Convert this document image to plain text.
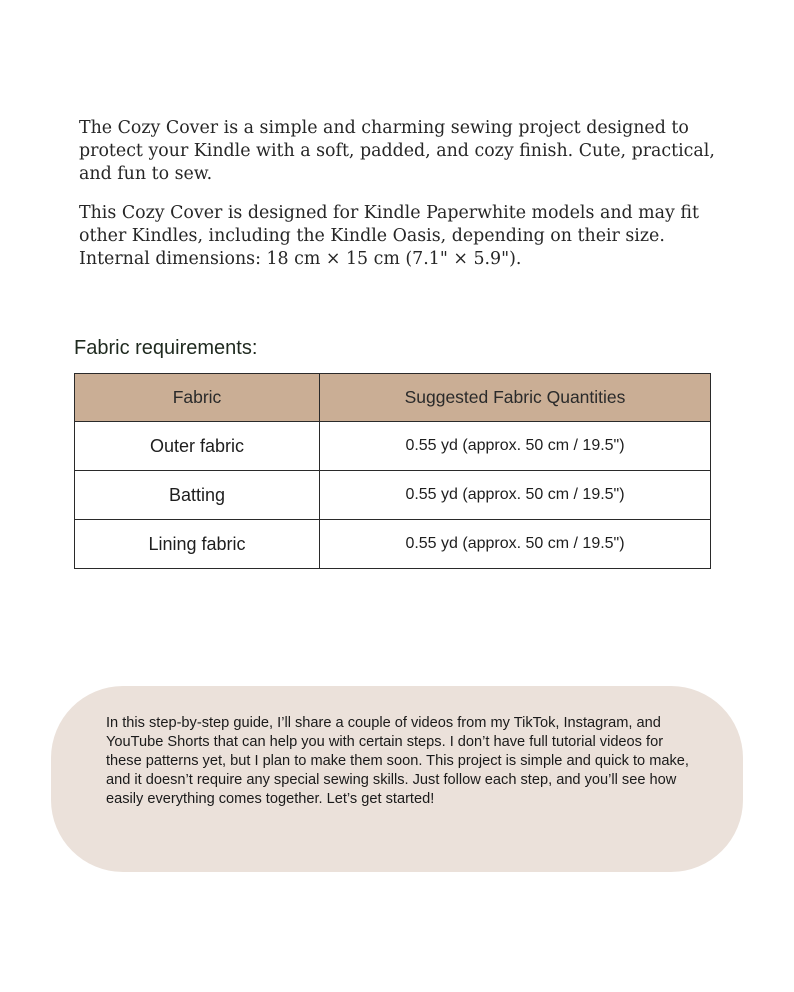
The Cozy Cover is a simple and charming sewing project designed to protect your Kindle with a soft, padded, and cozy finish. Cute, practical, and fun to sew.

This Cozy Cover is designed for Kindle Paperwhite models and may fit other Kindles, including the Kindle Oasis, depending on their size. Internal dimensions: 18 cm × 15 cm (7.1" × 5.9").

Fabric requirements:
Fabric	Suggested Fabric Quantities
Outer fabric	0.55 yd (approx. 50 cm / 19.5")
Batting	0.55 yd (approx. 50 cm / 19.5")
Lining fabric	0.55 yd (approx. 50 cm / 19.5")

In this step-by-step guide, I’ll share a couple of videos from my TikTok, Instagram, and YouTube Shorts that can help you with certain steps. I don’t have full tutorial videos for these patterns yet, but I plan to make them soon. This project is simple and quick to make, and it doesn’t require any special sewing skills. Just follow each step, and you’ll see how easily everything comes together. Let’s get started!
